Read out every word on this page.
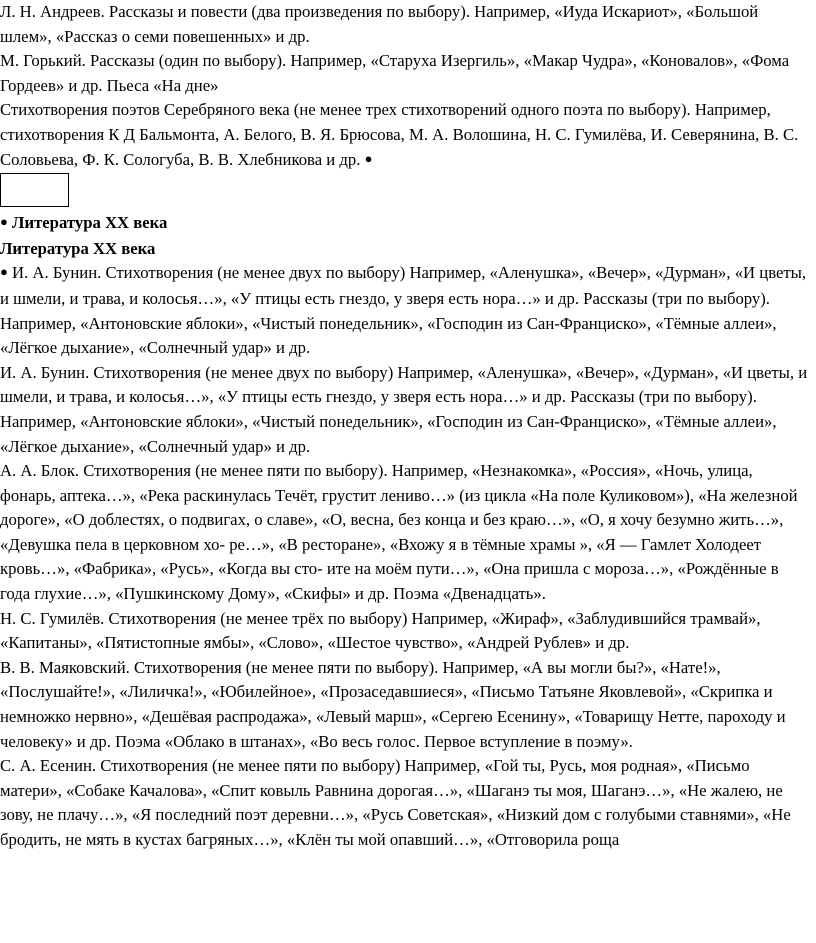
Л. Н. Андреев. Рассказы и повести (два произведения по выбору). Например, «Иуда Искариот», «Большой шлем», «Рассказ о семи повешенных» и др.

М. Горький. Рассказы (один по выбору). Например, «Старуха Изергиль», «Макар Чудра», «Коновалов», «Фома Гордеев» и др. Пьеса «На дне»

Стихотворения поэтов Серебряного века (не менее трех стихотворений одного поэта по выбору). Например, стихотворения К Д Бальмонта, А. Белого, В. Я. Брюсова, М. А. Волошина, Н. С. Гумилёва, И. Северянина, В. С. Соловьева, Ф. К. Сологуба, В. В. Хлебникова и др. ●

● Литература XX века

Литература XX века

● И. А. Бунин. Стихотворения (не менее двух по выбору) Например, «Аленушка», «Вечер», «Дурман», «И цветы, и шмели, и трава, и колосья…», «У птицы есть гнездо, у зверя есть нора…» и др. Рассказы (три по выбору). Например, «Антоновские яблоки», «Чистый понедельник», «Господин из Сан-Франциско», «Тёмные аллеи», «Лёгкое дыхание», «Солнечный удар» и др.

И. А. Бунин. Стихотворения (не менее двух по выбору) Например, «Аленушка», «Вечер», «Дурман», «И цветы, и шмели, и трава, и колосья…», «У птицы есть гнездо, у зверя есть нора…» и др. Рассказы (три по выбору). Например, «Антоновские яблоки», «Чистый понедельник», «Господин из Сан-Франциско», «Тёмные аллеи», «Лёгкое дыхание», «Солнечный удар» и др.

А. А. Блок. Стихотворения (не менее пяти по выбору). Например, «Незнакомка», «Россия», «Ночь, улица, фонарь, аптека…», «Река раскинулась Течёт, грустит лениво…» (из цикла «На поле Куликовом»), «На железной дороге», «О доблестях, о подвигах, о славе», «О, весна, без конца и без краю…», «О, я хочу безумно жить…», «Девушка пела в церковном хо- ре…», «В ресторане», «Вхожу я в тёмные храмы », «Я — Гамлет Холодеет кровь…», «Фабрика», «Русь», «Когда вы сто- ите на моём пути…», «Она пришла с мороза…», «Рождённые в года глухие…», «Пушкинскому Дому», «Скифы» и др. Поэма «Двенадцать».

Н. С. Гумилёв. Стихотворения (не менее трёх по выбору) Например, «Жираф», «Заблудившийся трамвай», «Капитаны», «Пятистопные ямбы», «Слово», «Шестое чувство», «Андрей Рублев» и др.

В. В. Маяковский. Стихотворения (не менее пяти по выбору). Например, «А вы могли бы?», «Нате!», «Послушайте!», «Лиличка!», «Юбилейное», «Прозаседавшиеся», «Письмо Татьяне Яковлевой», «Скрипка и немножко нервно», «Дешёвая распродажа», «Левый марш», «Сергею Есенину», «Товарищу Нетте, пароходу и человеку» и др. Поэма «Облако в штанах», «Во весь голос. Первое вступление в поэму».

С. А. Есенин. Стихотворения (не менее пяти по выбору) Например, «Гой ты, Русь, моя родная», «Письмо матери», «Собаке Качалова», «Спит ковыль Равнина дорогая…», «Шаганэ ты моя, Шаганэ…», «Не жалею, не зову, не плачу…», «Я последний поэт деревни…», «Русь Советская», «Низкий дом с голубыми ставнями», «Не бродить, не мять в кустах багряных…», «Клён ты мой опавший…», «Отговорила роща
